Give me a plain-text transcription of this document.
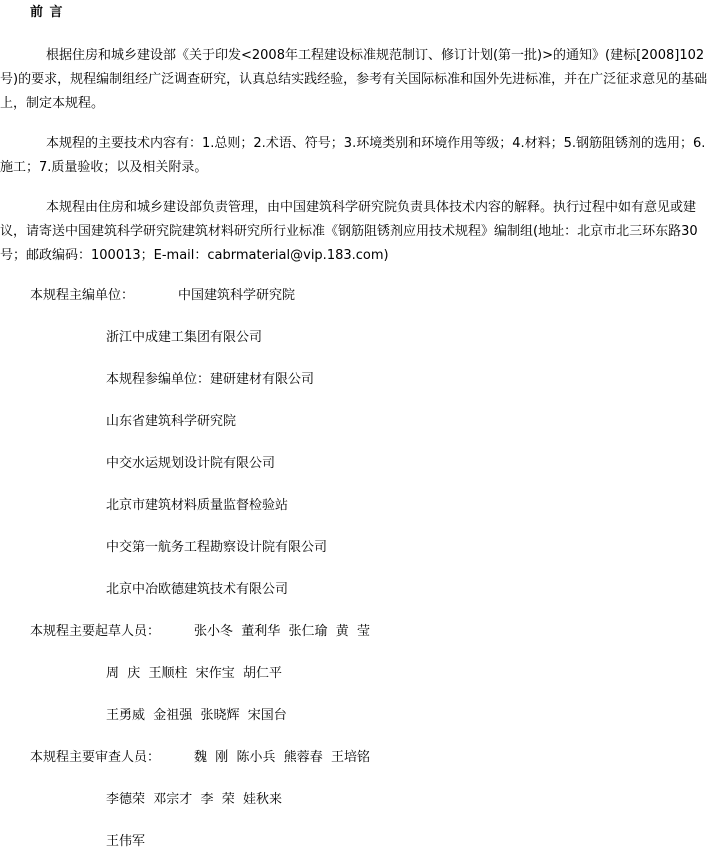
前 言

根据住房和城乡建设部《关于印发<2008年工程建设标准规范制订、修订计划(第一批)>的通知》(建标[2008]102号)的要求，规程编制组经广泛调查研究，认真总结实践经验，参考有关国际标准和国外先进标准，并在广泛征求意见的基础上，制定本规程。

本规程的主要技术内容有：1.总则；2.术语、符号；3.环境类别和环境作用等级；4.材料；5.钢筋阻锈剂的选用；6.施工；7.质量验收；以及相关附录。

本规程由住房和城乡建设部负责管理，由中国建筑科学研究院负责具体技术内容的解释。执行过程中如有意见或建议，请寄送中国建筑科学研究院建筑材料研究所行业标准《钢筋阻锈剂应用技术规程》编制组(地址：北京市北三环东路30号；邮政编码：100013；E-mail：cabrmaterial@vip.183.com)

本规程主编单位：	中国建筑科学研究院
浙江中成建工集团有限公司
本规程参编单位：建研建材有限公司
山东省建筑科学研究院
中交水运规划设计院有限公司
北京市建筑材料质量监督检验站
中交第一航务工程勘察设计院有限公司
北京中冶欧德建筑技术有限公司
本规程主要起草人员：	张小冬  董利华  张仁瑜  黄  莹
周  庆  王顺柱  宋作宝  胡仁平
王勇威  金祖强  张晓辉  宋国台
本规程主要审查人员：	魏  刚  陈小兵  熊蓉春  王培铭
李德荣  邓宗才  李  荣  娃秋来
王伟军
